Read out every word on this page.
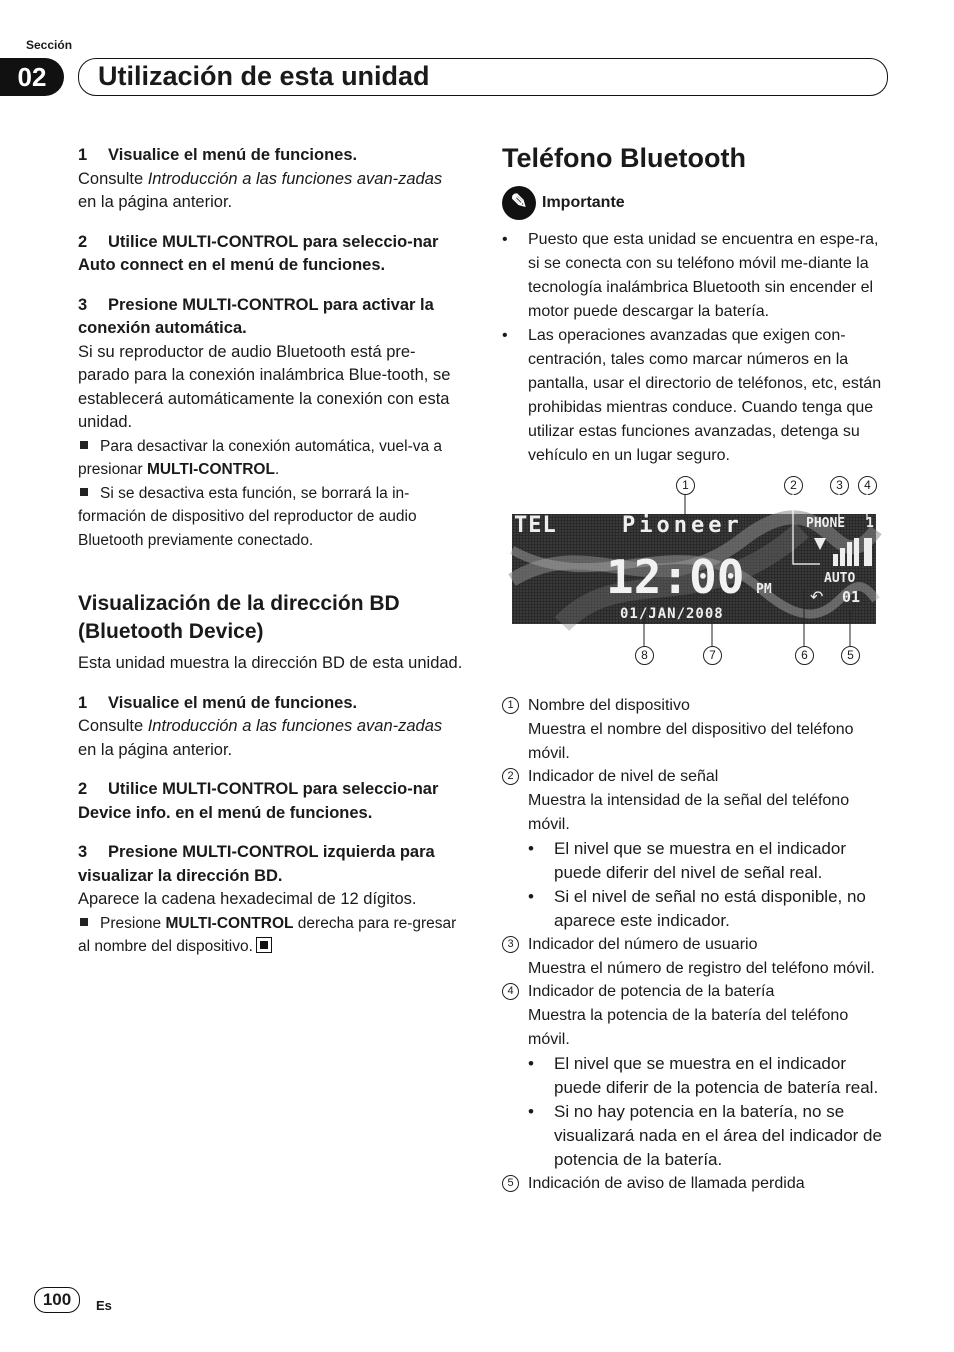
Sección
02	Utilización de esta unidad

1 Visualice el menú de funciones.

Consulte Introducción a las funciones avan-zadas en la página anterior.

2 Utilice MULTI-CONTROL para seleccio-nar Auto connect en el menú de funciones.

3 Presione MULTI-CONTROL para activar la conexión automática.

Si su reproductor de audio Bluetooth está pre-parado para la conexión inalámbrica Blue-tooth, se establecerá automáticamente la conexión con esta unidad.

Para desactivar la conexión automática, vuel-va a presionar MULTI-CONTROL.

Si se desactiva esta función, se borrará la in-formación de dispositivo del reproductor de audio Bluetooth previamente conectado.

Visualización de la dirección BD (Bluetooth Device)

Esta unidad muestra la dirección BD de esta unidad.

1 Visualice el menú de funciones.

Consulte Introducción a las funciones avan-zadas en la página anterior.

2 Utilice MULTI-CONTROL para seleccio-nar Device info. en el menú de funciones.

3 Presione MULTI-CONTROL izquierda para visualizar la dirección BD.

Aparece la cadena hexadecimal de 12 dígitos.

Presione MULTI-CONTROL derecha para re-gresar al nombre del dispositivo.

Teléfono Bluetooth

✎ Importante
• Puesto que esta unidad se encuentra en espe-ra, si se conecta con su teléfono móvil me-diante la tecnología inalámbrica Bluetooth sin encender el motor puede descargar la batería.
• Las operaciones avanzadas que exigen con-centración, tales como marcar números en la pantalla, usar el directorio de teléfonos, etc, están prohibidas mientras conduce. Cuando tenga que utilizar estas funciones avanzadas, detenga su vehículo en un lugar seguro.
1	2	3	4
TEL	Pioneer	PHONE 1
12:00 PM
AUTO
↶ 01
01/JAN/2008
8	7	6	5
1 Nombre del dispositivo
Muestra el nombre del dispositivo del teléfono móvil.
2 Indicador de nivel de señal
Muestra la intensidad de la señal del teléfono móvil.
• El nivel que se muestra en el indicador puede diferir del nivel de señal real.
• Si el nivel de señal no está disponible, no aparece este indicador.
3 Indicador del número de usuario
Muestra el número de registro del teléfono móvil.
4 Indicador de potencia de la batería
Muestra la potencia de la batería del teléfono móvil.
• El nivel que se muestra en el indicador puede diferir de la potencia de batería real.
• Si no hay potencia en la batería, no se visualizará nada en el área del indicador de potencia de la batería.
5 Indicación de aviso de llamada perdida
100	Es
